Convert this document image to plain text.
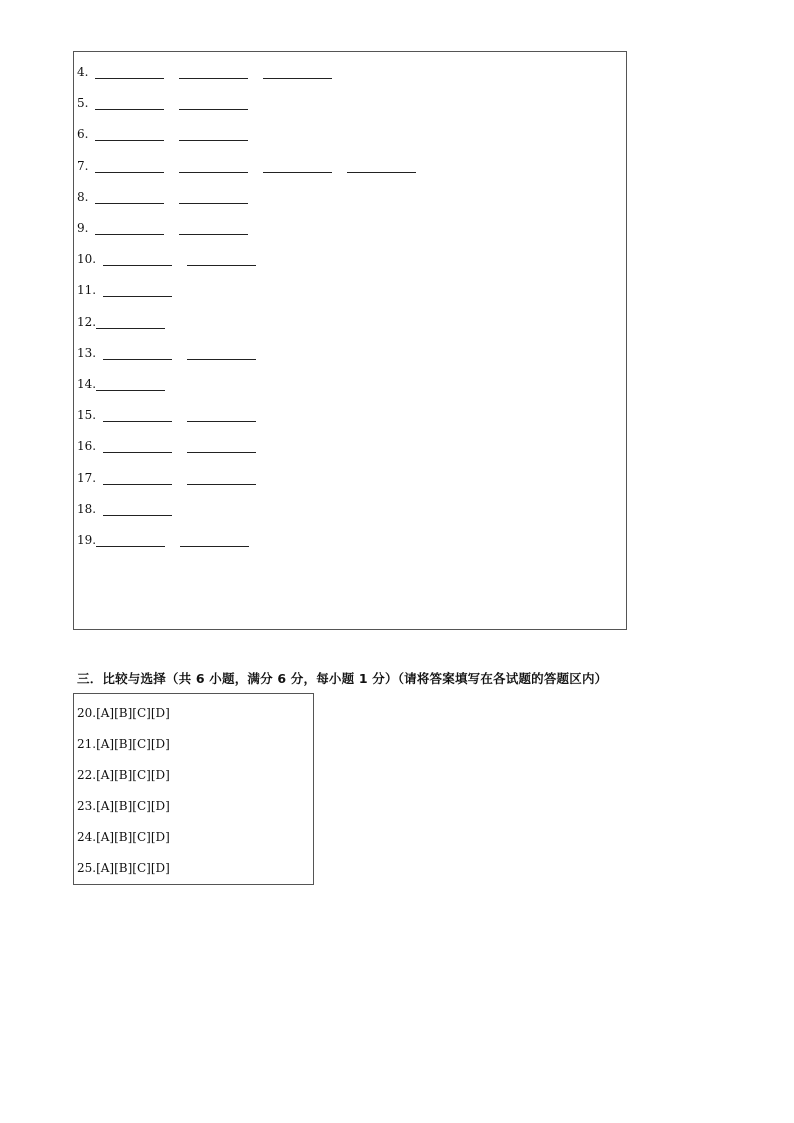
4.
5.
6.
7.
8.
9.
10.
11.
12.
13.
14.
15.
16.
17.
18.
19.
三．比较与选择（共 6 小题，满分 6 分，每小题 1 分）（请将答案填写在各试题的答题区内）
20.[A][B][C][D]
21.[A][B][C][D]
22.[A][B][C][D]
23.[A][B][C][D]
24.[A][B][C][D]
25.[A][B][C][D]
